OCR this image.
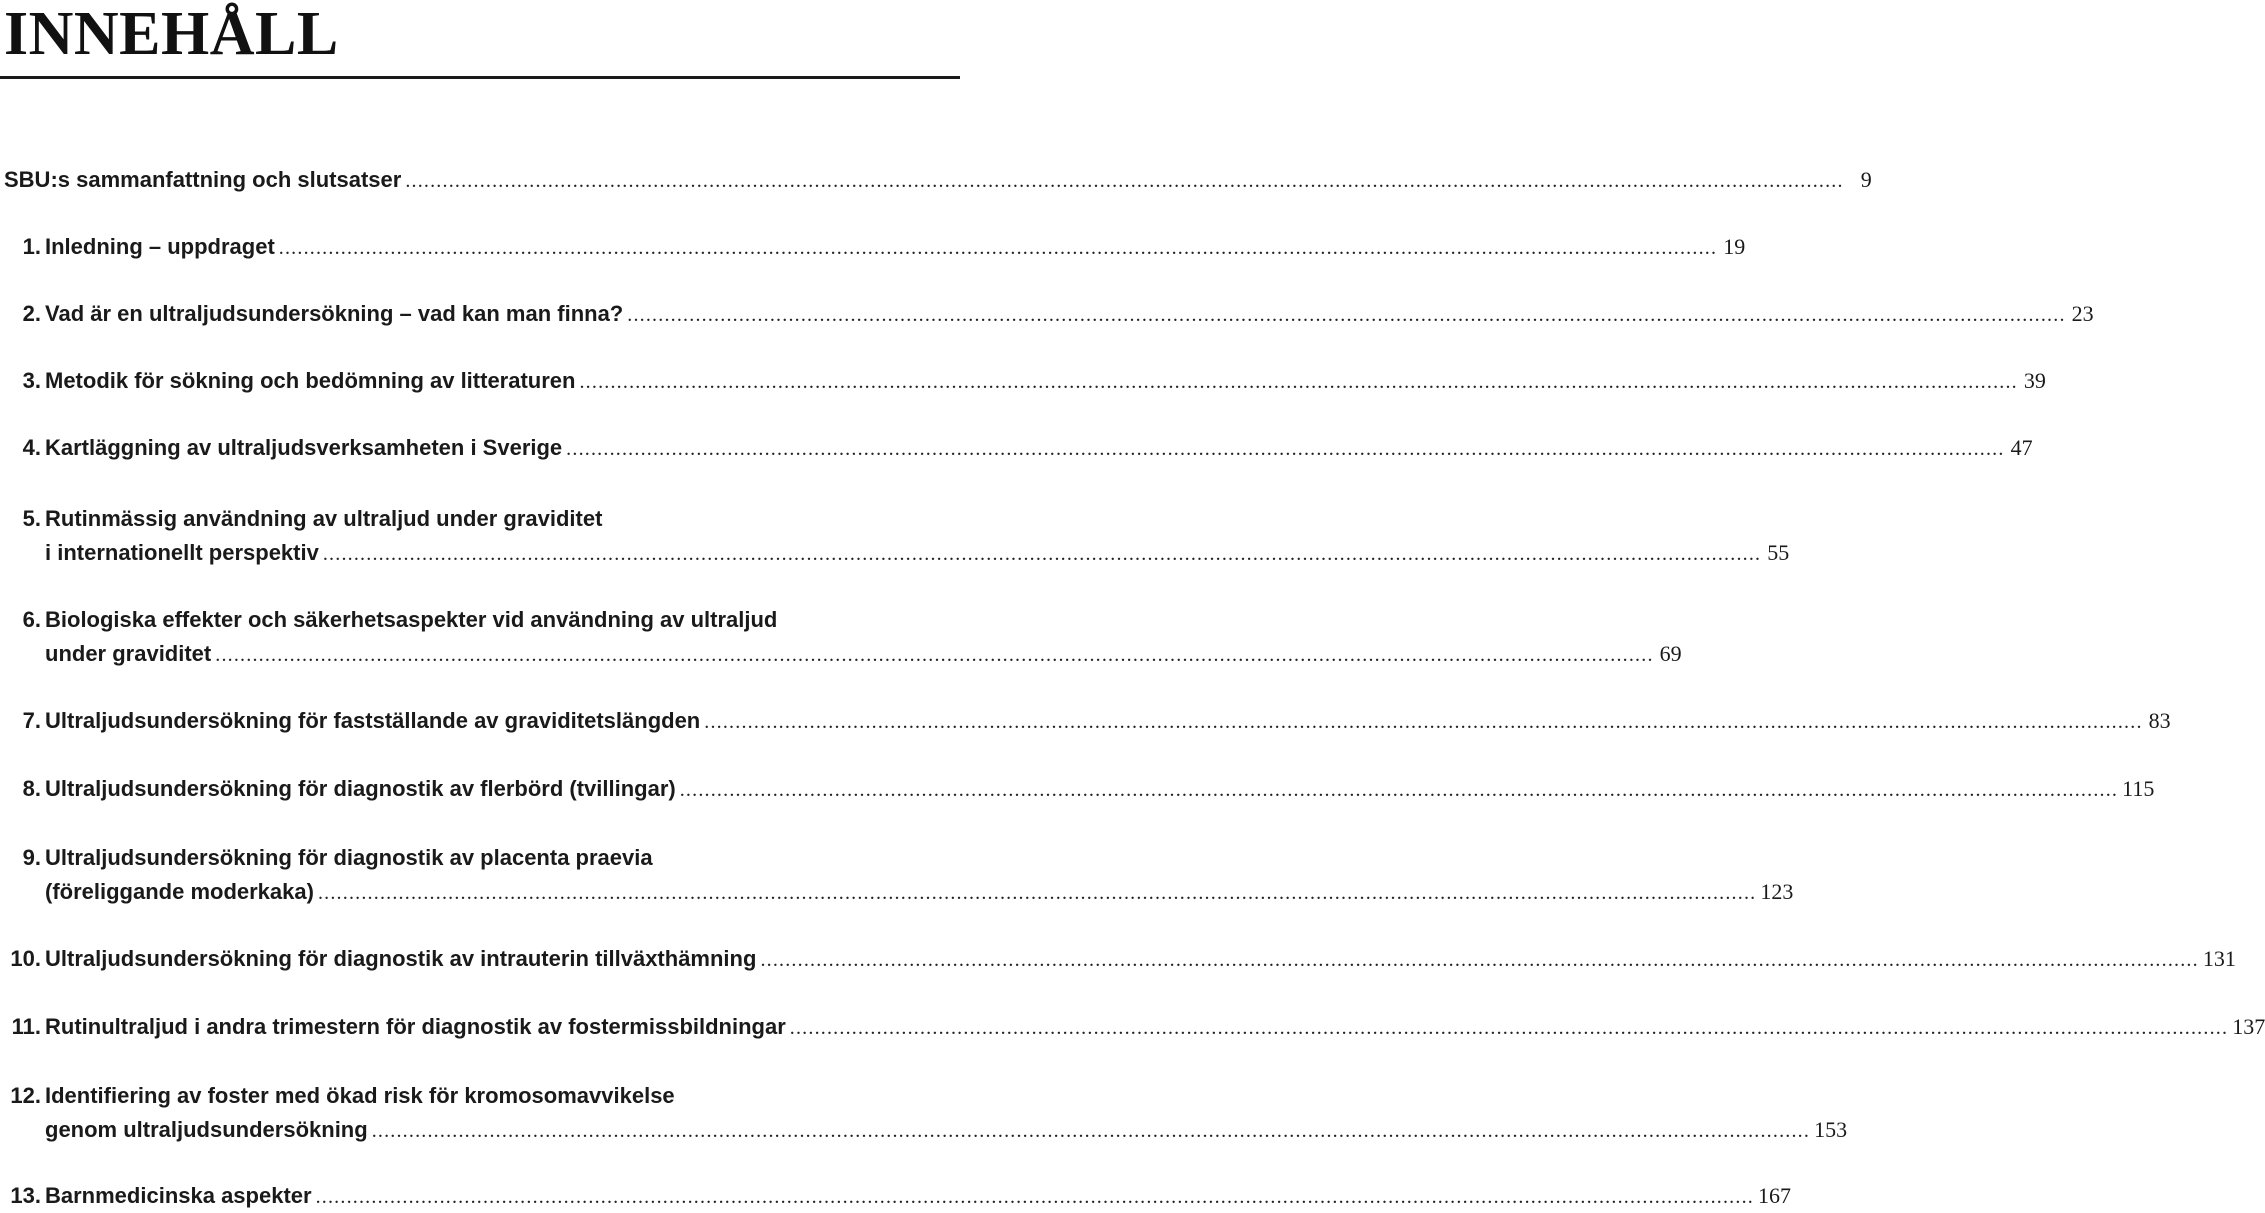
INNEHÅLL
SBU:s sammanfattning och slutsatser .....	9
1. Inledning – uppdraget .....	19
2. Vad är en ultraljudsundersökning – vad kan man finna? .....	23
3. Metodik för sökning och bedömning av litteraturen .....	39
4. Kartläggning av ultraljudsverksamheten i Sverige .....	47
5. Rutinmässig användning av ultraljud under graviditet
i internationellt perspektiv .....	55
6. Biologiska effekter och säkerhetsaspekter vid användning av ultraljud
under graviditet .....	69
7. Ultraljudsundersökning för fastställande av graviditetslängden .....	83
8. Ultraljudsundersökning för diagnostik av flerbörd (tvillingar) .....	115
9. Ultraljudsundersökning för diagnostik av placenta praevia
(föreliggande moderkaka) .....	123
10. Ultraljudsundersökning för diagnostik av intrauterin tillväxthämning .....	131
11. Rutinultraljud i andra trimestern för diagnostik av fostermissbildningar .....	137
12. Identifiering av foster med ökad risk för kromosomavvikelse
genom ultraljudsundersökning .....	153
13. Barnmedicinska aspekter .....	167
